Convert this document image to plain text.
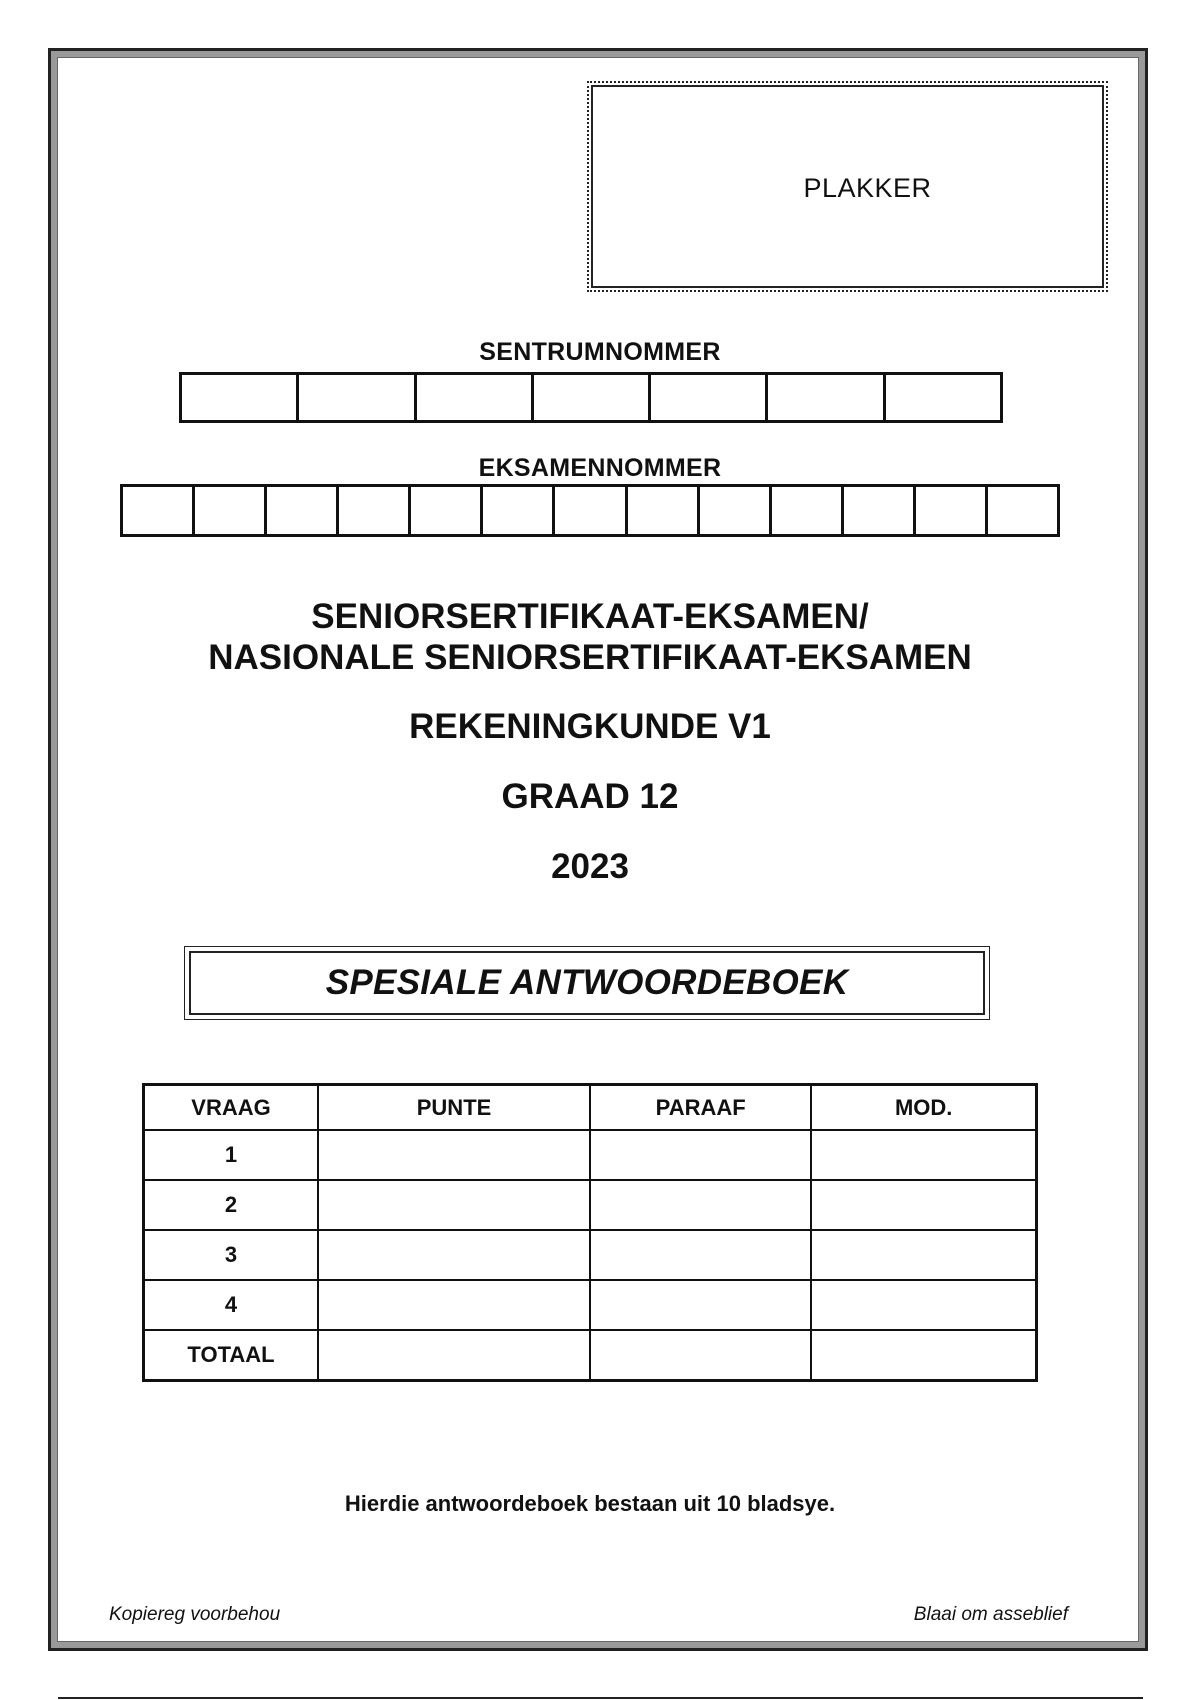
PLAKKER
SENTRUMNOMMER
EKSAMENNOMMER
SENIORSERTIFIKAAT-EKSAMEN/
NASIONALE SENIORSERTIFIKAAT-EKSAMEN
REKENINGKUNDE V1
GRAAD 12
2023
SPESIALE ANTWOORDEBOEK
VRAAG	PUNTE	PARAAF	MOD.
1			
2			
3			
4			
TOTAAL			
Hierdie antwoordeboek bestaan uit 10 bladsye.
Kopiereg voorbehou	Blaai om asseblief
